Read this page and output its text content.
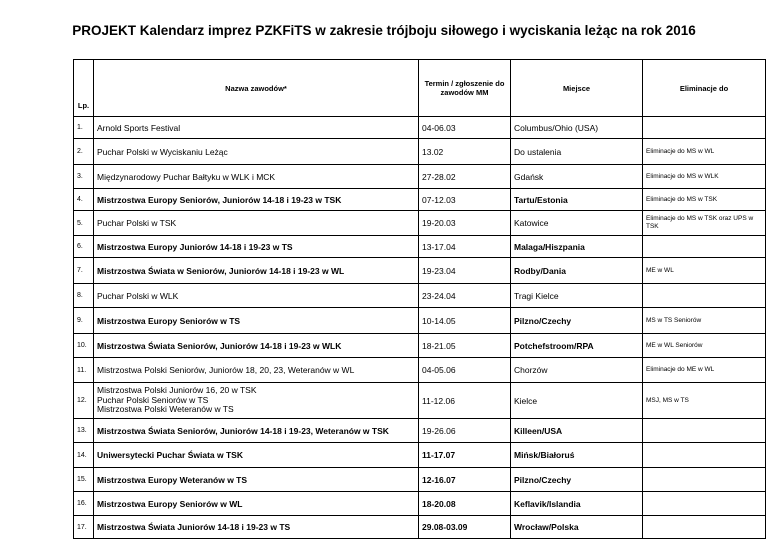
PROJEKT Kalendarz imprez PZKFiTS w zakresie trójboju siłowego i wyciskania leżąc na rok 2016
Lp.	Nazwa zawodów*	Termin / zgłoszenie do zawodów MM	Miejsce	Eliminacje do
1.	Arnold Sports Festival	04-06.03	Columbus/Ohio (USA)	
2.	Puchar Polski w Wyciskaniu Leżąc	13.02	Do ustalenia	Eliminacje do MS w WL
3.	Międzynarodowy Puchar Bałtyku w WLK i MCK	27-28.02	Gdańsk	Eliminacje do MS w WLK
4.	Mistrzostwa Europy Seniorów, Juniorów 14-18 i 19-23 w TSK	07-12.03	Tartu/Estonia	Eliminacje do MS w TSK
5.	Puchar Polski w TSK	19-20.03	Katowice	Eliminacje do MS w TSK oraz UPS w TSK
6.	Mistrzostwa Europy Juniorów 14-18 i 19-23 w TS	13-17.04	Malaga/Hiszpania	
7.	Mistrzostwa Świata w Seniorów, Juniorów 14-18 i 19-23 w WL	19-23.04	Rodby/Dania	ME w WL
8.	Puchar Polski w WLK	23-24.04	Tragi Kielce	
9.	Mistrzostwa Europy Seniorów w TS	10-14.05	Pilzno/Czechy	MS w TS Seniorów
10.	Mistrzostwa Świata Seniorów, Juniorów 14-18 i 19-23 w WLK	18-21.05	Potchefstroom/RPA	ME w WL Seniorów
11.	Mistrzostwa Polski Seniorów, Juniorów 18, 20, 23, Weteranów w WL	04-05.06	Chorzów	Eliminacje do ME w WL
12.	Mistrzostwa Polski Juniorów 16, 20 w TSK
Puchar Polski Seniorów w TS
Mistrzostwa Polski Weteranów w TS	11-12.06	Kielce	MSJ, MS w TS
13.	Mistrzostwa Świata Seniorów, Juniorów 14-18 i 19-23, Weteranów w TSK	19-26.06	Killeen/USA	
14.	Uniwersytecki Puchar Świata w TSK	11-17.07	Mińsk/Białoruś	
15.	Mistrzostwa Europy Weteranów w TS	12-16.07	Pilzno/Czechy	
16.	Mistrzostwa Europy Seniorów w WL	18-20.08	Keflavik/Islandia	
17.	Mistrzostwa Świata Juniorów 14-18 i 19-23 w TS	29.08-03.09	Wrocław/Polska	
